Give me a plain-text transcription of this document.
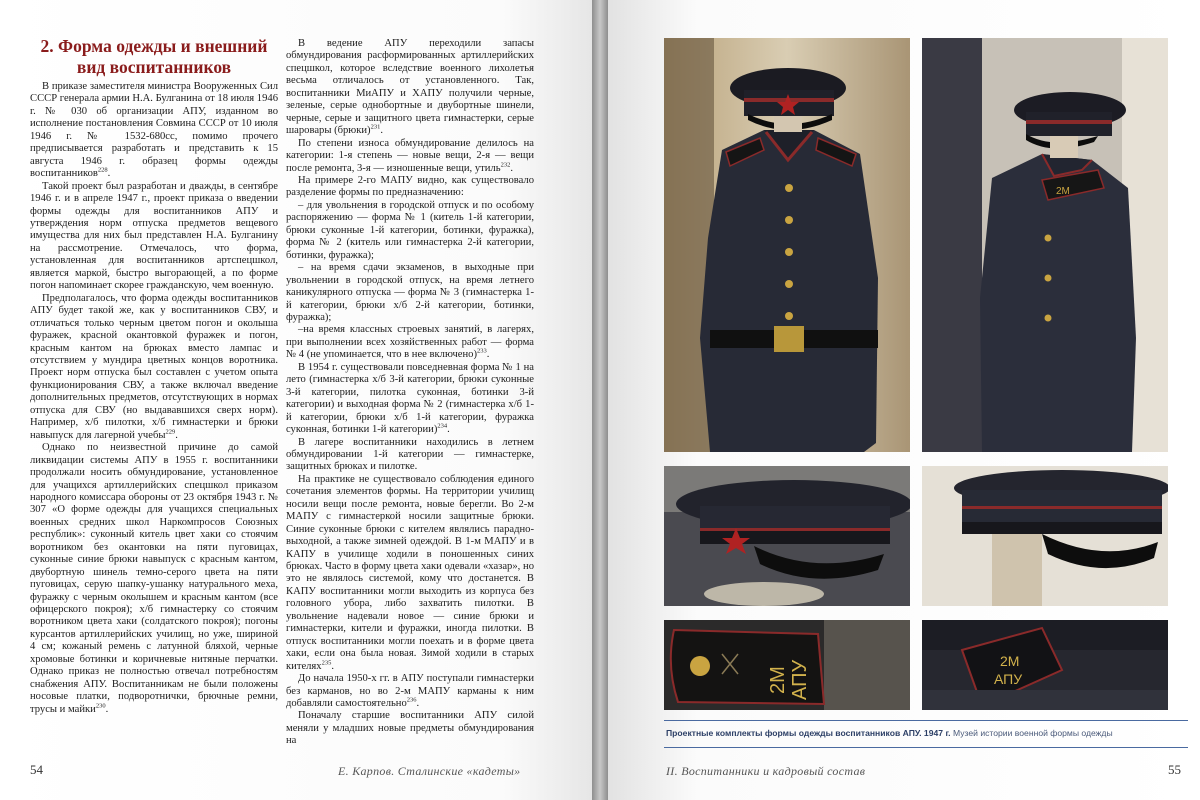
2. Форма одежды и внешний вид воспитанников

В приказе заместителя министра Вооруженных Сил СССР генерала армии Н.А. Булганина от 18 июля 1946 г. № 030 об организации АПУ, изданном во исполнение постановления Совмина СССР от 10 июля 1946 г. № 1532-680сс, помимо прочего предписывается разработать и представить к 15 августа 1946 г. образец формы одежды воспитанников$^{228}$.

Такой проект был разработан и дважды, в сентябре 1946 г. и в апреле 1947 г., проект приказа о введении формы одежды для воспитанников АПУ и утверждения норм отпуска предметов вещевого имущества для них был представлен Н.А. Булганину на рассмотрение. Отмечалось, что форма, установленная для воспитанников артспецшкол, является маркой, быстро выгорающей, а по форме погон напоминает скорее гражданскую, чем военную.

Предполагалось, что форма одежды воспитанников АПУ будет такой же, как у воспитанников СВУ, и отличаться только черным цветом погон и околыша фуражек, красной окантовкой фуражек и погон, красным кантом на брюках вместо лампас и отсутствием у мундира цветных концов воротника. Проект норм отпуска был составлен с учетом опыта функционирования СВУ, а также включал введение дополнительных предметов, отсутствующих в нормах отпуска для СВУ (но выдававшихся сверх норм). Например, х/б пилотки, х/б гимнастерки и брюки навыпуск для лагерной учебы$^{229}$.

Однако по неизвестной причине до самой ликвидации системы АПУ в 1955 г. воспитанники продолжали носить обмундирование, установленное для учащихся артиллерийских спецшкол приказом народного комиссара обороны от 23 октября 1943 г. № 307 «О форме одежды для учащихся специальных военных средних школ Наркомпросов Союзных республик»: суконный китель цвет хаки со стоячим воротником без окантовки на пяти пуговицах, суконные синие брюки навыпуск с красным кантом, двубортную шинель темно-серого цвета на пяти пуговицах, серую шапку-ушанку натурального меха, фуражку с черным околышем и красным кантом (все офицерского покроя); х/б гимнастерку со стоячим воротником цвета хаки (солдатского покроя); погоны курсантов артиллерийских училищ, но уже, шириной 4 см; кожаный ремень с латунной бляхой, черные хромовые ботинки и коричневые нитяные перчатки. Однако приказ не полностью отвечал потребностям снабжения АПУ. Воспитанникам не были положены носовые платки, подворотнички, брючные ремни, трусы и майки$^{230}$.

В ведение АПУ переходили запасы обмундирования расформированных артиллерийских спецшкол, которое вследствие военного лихолетья весьма отличалось от установленного. Так, воспитанники МиАПУ и ХАПУ получили черные, зеленые, серые однобортные и двубортные шинели, черные, серые и защитного цвета гимнастерки, серые шаровары (брюки)$^{231}$.

По степени износа обмундирование делилось на категории: 1-я степень — новые вещи, 2-я — вещи после ремонта, 3-я — изношенные вещи, утиль$^{232}$.

На примере 2-го МАПУ видно, как существовало разделение формы по предназначению:

– для увольнения в городской отпуск и по особому распоряжению — форма № 1 (китель 1-й категории, брюки суконные 1-й категории, ботинки, фуражка), форма № 2 (китель или гимнастерка 2-й категории, ботинки, фуражка);

– на время сдачи экзаменов, в выходные при увольнении в городской отпуск, на время летнего каникулярного отпуска — форма № 3 (гимнастерка 1-й категории, брюки х/б 2-й категории, ботинки, фуражка);

–на время классных строевых занятий, в лагерях, при выполнении всех хозяйственных работ — форма № 4 (не упоминается, что в нее включено)$^{233}$.

В 1954 г. существовали повседневная форма № 1 на лето (гимнастерка х/б 3-й категории, брюки суконные 3-й категории, пилотка суконная, ботинки 3-й категории) и выходная форма № 2 (гимнастерка х/б 1-й категории, брюки х/б 1-й категории, фуражка суконная, ботинки 1-й категории)$^{234}$.

В лагере воспитанники находились в летнем обмундировании 1-й категории — гимнастерке, защитных брюках и пилотке.

На практике не существовало соблюдения единого сочетания элементов формы. На территории училищ носили вещи после ремонта, новые берегли. Во 2-м МАПУ с гимнастеркой носили защитные брюки. Синие суконные брюки с кителем являлись парадно-выходной, а также зимней одеждой. В 1-м МАПУ и в КАПУ в училище ходили в поношенных синих брюках. Часто в форму цвета хаки одевали «хазар», но это не являлось системой, кому что достанется. В КАПУ воспитанники могли выходить из корпуса без головного убора, либо захватить пилотки. В увольнение надевали новое — синие брюки и гимнастерки, кители и фуражки, иногда пилотки. В отпуск воспитанники могли поехать и в форме цвета хаки, если она была новая. Зимой ходили в старых кителях$^{235}$.

До начала 1950-х гг. в АПУ поступали гимнастерки без карманов, но во 2-м МАПУ карманы к ним добавляли самостоятельно$^{236}$.

Поначалу старшие воспитанники АПУ силой меняли у младших новые предметы обмундирования на

54	Е. Карпов. Сталинские «кадеты»
2M
2М АПУ	2М
АПУ
Проектные комплекты формы одежды воспитанников АПУ. 1947 г. Музей истории военной формы одежды
II. Воспитанники и кадровый состав	55
